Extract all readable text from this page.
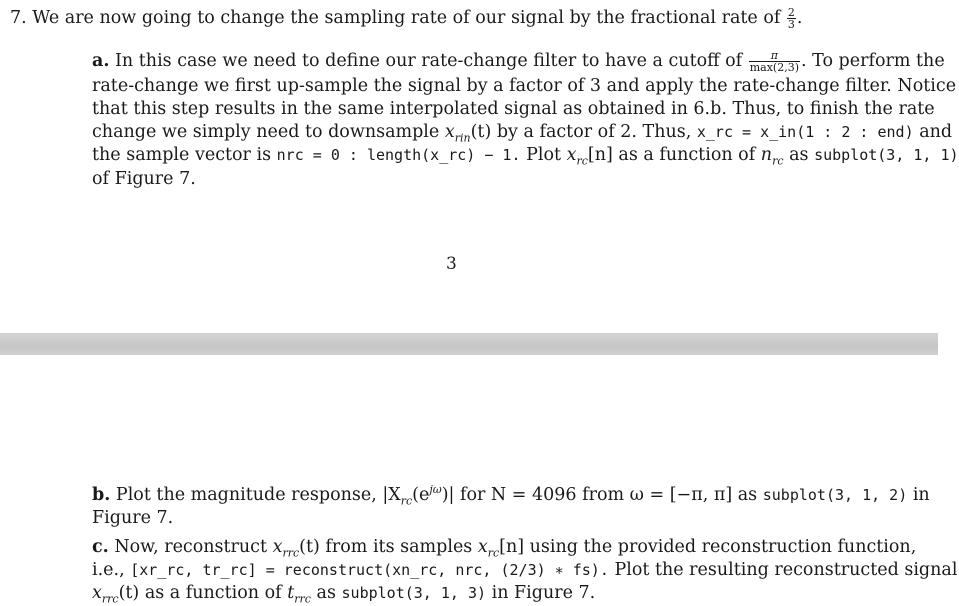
7. We are now going to change the sampling rate of our signal by the fractional rate of $\frac{2}{3}$ .
a. In this case we need to define our rate-change filter to have a cutoff of $\frac{\pi}{\max(2,3)}$ . To perform the
rate-change we first up-sample the signal by a factor of 3 and apply the rate-change filter. Notice
that this step results in the same interpolated signal as obtained in 6.b. Thus, to finish the rate
change we simply need to downsample $x_{rin}(t)$ by a factor of 2. Thus, x_rc = x_in(1 : 2 : end) and
the sample vector is nrc = 0 : length(x_rc) − 1. Plot $x_{rc}[n]$ as a function of $n_{rc}$ as subplot(3, 1, 1)
of Figure 7.
3
b. Plot the magnitude response, $|X_{rc}(e^{j\omega})|$ for N = 4096 from ω = [−π, π] as subplot(3, 1, 2) in
Figure 7.
c. Now, reconstruct $x_{rrc}(t)$ from its samples $x_{rc}[n]$ using the provided reconstruction function,
i.e., [xr_rc, tr_rc] = reconstruct(xn_rc, nrc, (2/3) ∗ fs). Plot the resulting reconstructed signal
$x_{rrc}(t)$ as a function of $t_{rrc}$ as subplot(3, 1, 3) in Figure 7.
